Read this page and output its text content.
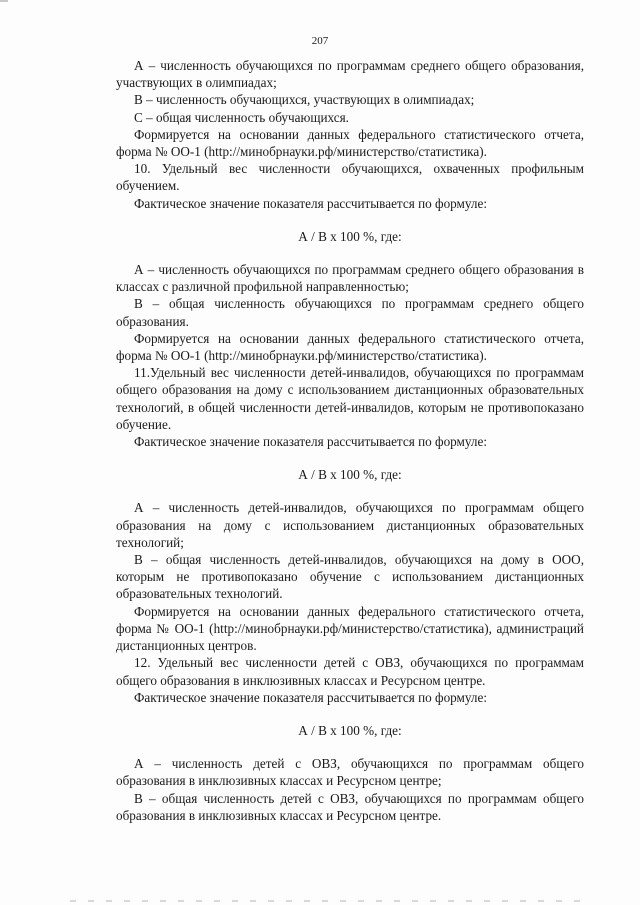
207

А – численность обучающихся по программам среднего общего образования, участвующих в олимпиадах;

В – численность обучающихся, участвующих в олимпиадах;

С – общая численность обучающихся.

Формируется на основании данных федерального статистического отчета, форма № ОО-1 (http://минобрнауки.рф/министерство/статистика).

10. Удельный вес численности обучающихся, охваченных профильным обучением.

Фактическое значение показателя рассчитывается по формуле:

А / В х 100 %, где:

А – численность обучающихся по программам среднего общего образования в классах с различной профильной направленностью;

В – общая численность обучающихся по программам среднего общего образования.

Формируется на основании данных федерального статистического отчета, форма № ОО-1 (http://минобрнауки.рф/министерство/статистика).

11.Удельный вес численности детей-инвалидов, обучающихся по программам общего образования на дому с использованием дистанционных образовательных технологий, в общей численности детей-инвалидов, которым не противопоказано обучение.

Фактическое значение показателя рассчитывается по формуле:

А / В х 100 %, где:

А – численность детей-инвалидов, обучающихся по программам общего образования на дому с использованием дистанционных образовательных технологий;

В – общая численность детей-инвалидов, обучающихся на дому в ООО, которым не противопоказано обучение с использованием дистанционных образовательных технологий.

Формируется на основании данных федерального статистического отчета, форма № ОО-1 (http://минобрнауки.рф/министерство/статистика), администраций дистанционных центров.

12. Удельный вес численности детей с ОВЗ, обучающихся по программам общего образования в инклюзивных классах и Ресурсном центре.

Фактическое значение показателя рассчитывается по формуле:

А / В х 100 %, где:

А – численность детей с ОВЗ, обучающихся по программам общего образования в инклюзивных классах и Ресурсном центре;

В – общая численность детей с ОВЗ, обучающихся по программам общего образования в инклюзивных классах и Ресурсном центре.
